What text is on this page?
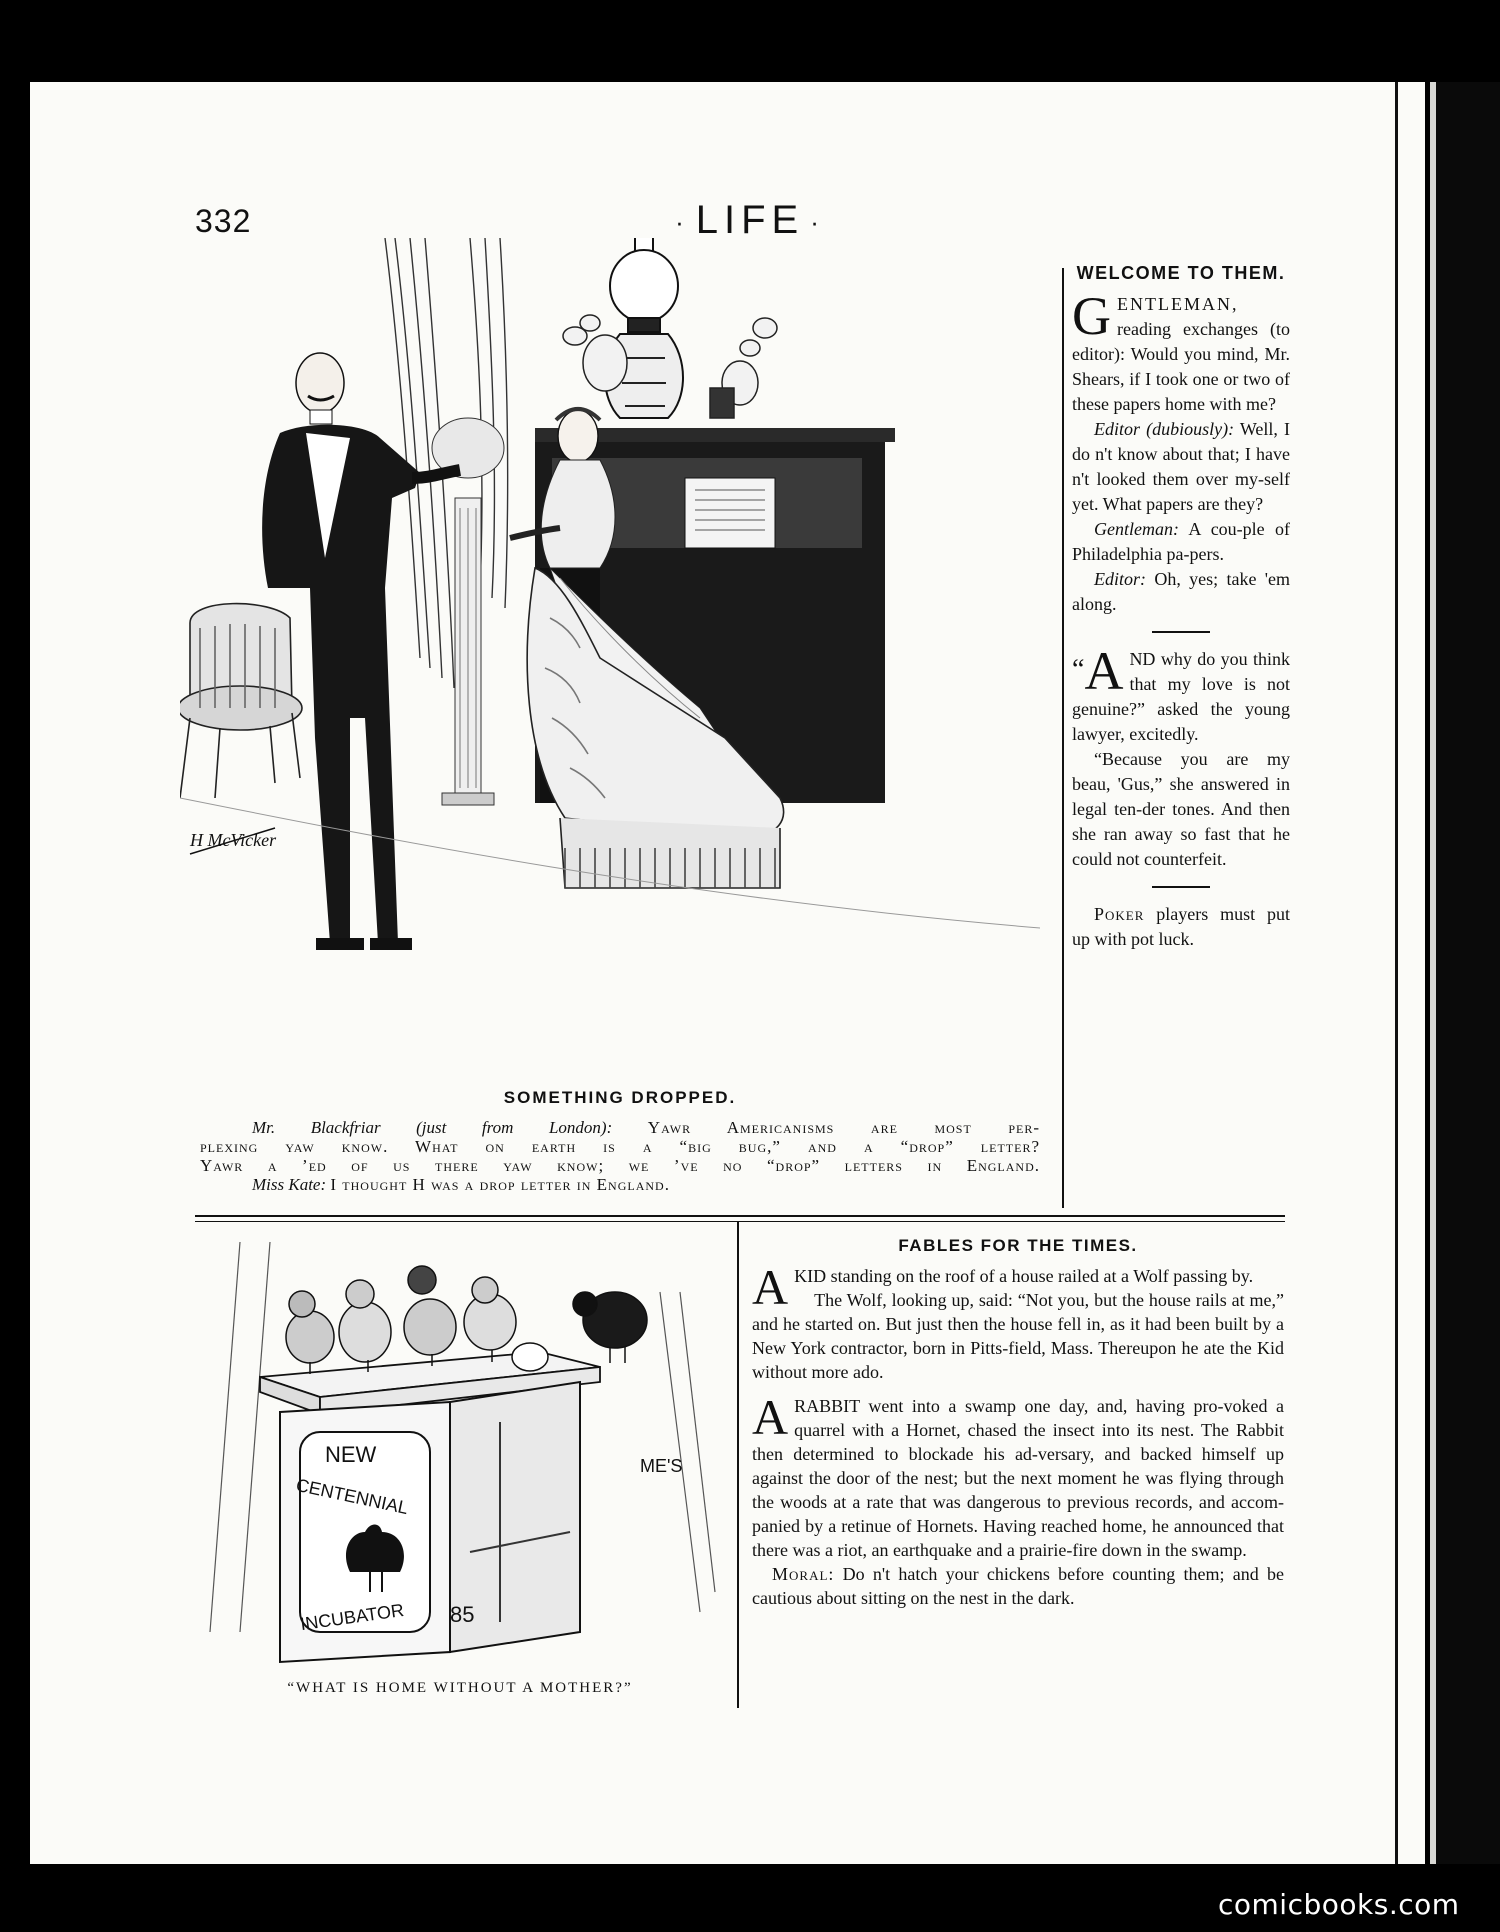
332	· LIFE ·
H McVicker
SOMETHING DROPPED.

Mr. Blackfriar (just from London): Yawr Americanisms are most per-

plexing yaw know. What on earth is a “big bug,” and a “drop” letter?

Yawr a ’ed of us there yaw know; we ’ve no “drop” letters in England.

Miss Kate: I thought H was a drop letter in England.

WELCOME TO THEM.

G ENTLEMAN, reading exchanges (to editor): Would you mind, Mr. Shears, if I took one or two of these papers home with me?

Editor (dubiously): Well, I do n't know about that; I have n't looked them over my-self yet. What papers are they?

Gentleman: A cou-ple of Philadelphia pa-pers.

Editor: Oh, yes; take 'em along.

“ A ND why do you think that my love is not genuine?” asked the young lawyer, excitedly.

“Because you are my beau, 'Gus,” she answered in legal ten-der tones. And then she ran away so fast that he could not counterfeit.

Poker players must put up with pot luck.

NEW
CENTENNIAL
INCUBATOR 85
ME'S
“WHAT IS HOME WITHOUT A MOTHER?”
FABLES FOR THE TIMES.

A KID standing on the roof of a house railed at a Wolf passing by.

The Wolf, looking up, said: “Not you, but the house rails at me,” and he started on. But just then the house fell in, as it had been built by a New York contractor, born in Pitts-field, Mass. Thereupon he ate the Kid without more ado.

A RABBIT went into a swamp one day, and, having pro-voked a quarrel with a Hornet, chased the insect into its nest. The Rabbit then determined to blockade his ad-versary, and backed himself up against the door of the nest; but the next moment he was flying through the woods at a rate that was dangerous to previous records, and accom-panied by a retinue of Hornets. Having reached home, he announced that there was a riot, an earthquake and a prairie-fire down in the swamp.

Moral: Do n't hatch your chickens before counting them; and be cautious about sitting on the nest in the dark.

comicbooks.com
